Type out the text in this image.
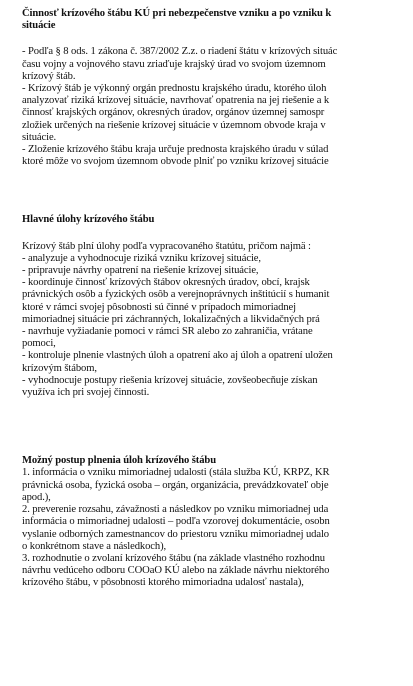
Činnosť krízového štábu KÚ pri nebezpečenstve vzniku a po vzniku k

situácie

- Podľa § 8 ods. 1 zákona č. 387/2002 Z.z. o riadení štátu v krízových situác

času vojny a vojnového stavu zriaďuje krajský úrad vo svojom územnom

krízový štáb.

- Krízový štáb je výkonný orgán prednostu krajského úradu, ktorého úloh

analyzovať riziká krízovej situácie, navrhovať opatrenia na jej riešenie a k

činnosť krajských orgánov, okresných úradov, orgánov územnej samospr

zložiek určených na riešenie krízovej situácie v územnom obvode kraja v

situácie.

- Zloženie krízového štábu kraja určuje prednosta krajského úradu v súlad

ktoré môže vo svojom územnom obvode plniť po vzniku krízovej situácie

Hlavné úlohy krízového štábu

Krízový štáb plní úlohy podľa vypracovaného štatútu, pričom najmä :

- analyzuje a vyhodnocuje riziká vzniku krízovej situácie,

- pripravuje návrhy opatrení na riešenie krízovej situácie,

- koordinuje činnosť krízových štábov okresných úradov, obcí, krajsk

právnických osôb a fyzických osôb a verejnoprávnych inštitúcií s humanit

ktoré v rámci svojej pôsobnosti sú činné v prípadoch mimoriadnej

mimoriadnej situácie pri záchranných, lokalizačných a likvidačných prá

- navrhuje vyžiadanie pomoci v rámci SR alebo zo zahraničia, vrátane

pomoci,

- kontroluje plnenie vlastných úloh a opatrení ako aj úloh a opatrení uložen

krízovým štábom,

- vyhodnocuje postupy riešenia krízovej situácie, zovšeobecňuje získan

využíva ich pri svojej činnosti.

Možný postup plnenia úloh krízového štábu

1. informácia o vzniku mimoriadnej udalosti (stála služba KÚ, KRPZ, KR

právnická osoba, fyzická osoba – orgán, organizácia, prevádzkovateľ obje

apod.),

2. preverenie rozsahu, závažnosti a následkov po vzniku mimoriadnej uda

informácia o mimoriadnej udalosti – podľa vzorovej dokumentácie, osobn

vyslanie odborných zamestnancov do priestoru vzniku mimoriadnej udalo

o konkrétnom stave a následkoch),

3. rozhodnutie o zvolaní krízového štábu (na základe vlastného rozhodnu

návrhu vedúceho odboru COOaO KÚ alebo na základe návrhu niektorého

krízového štábu, v pôsobnosti ktorého mimoriadna udalosť nastala),
